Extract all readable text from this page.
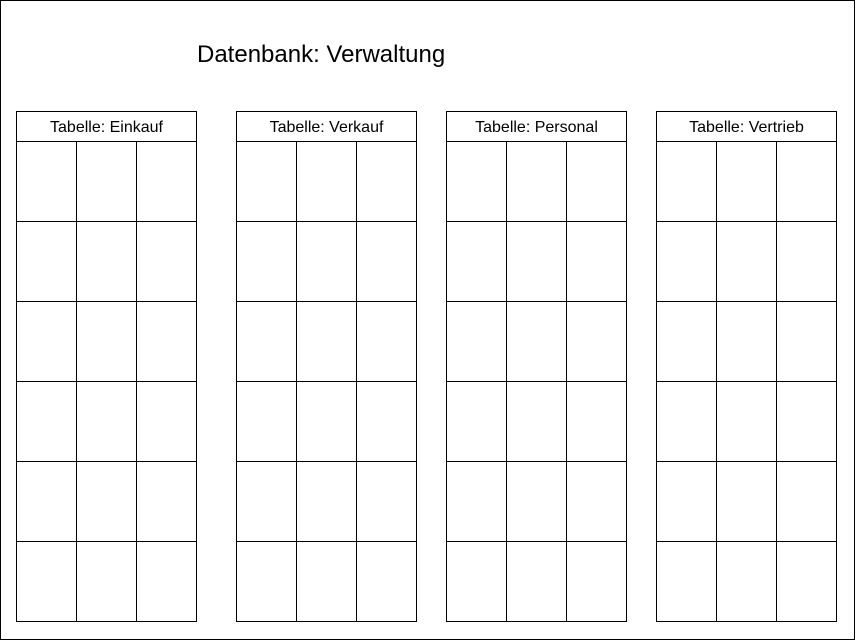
Datenbank: Verwaltung
Tabelle: Einkauf	Tabelle: Verkauf	Tabelle: Personal	Tabelle: Vertrieb
